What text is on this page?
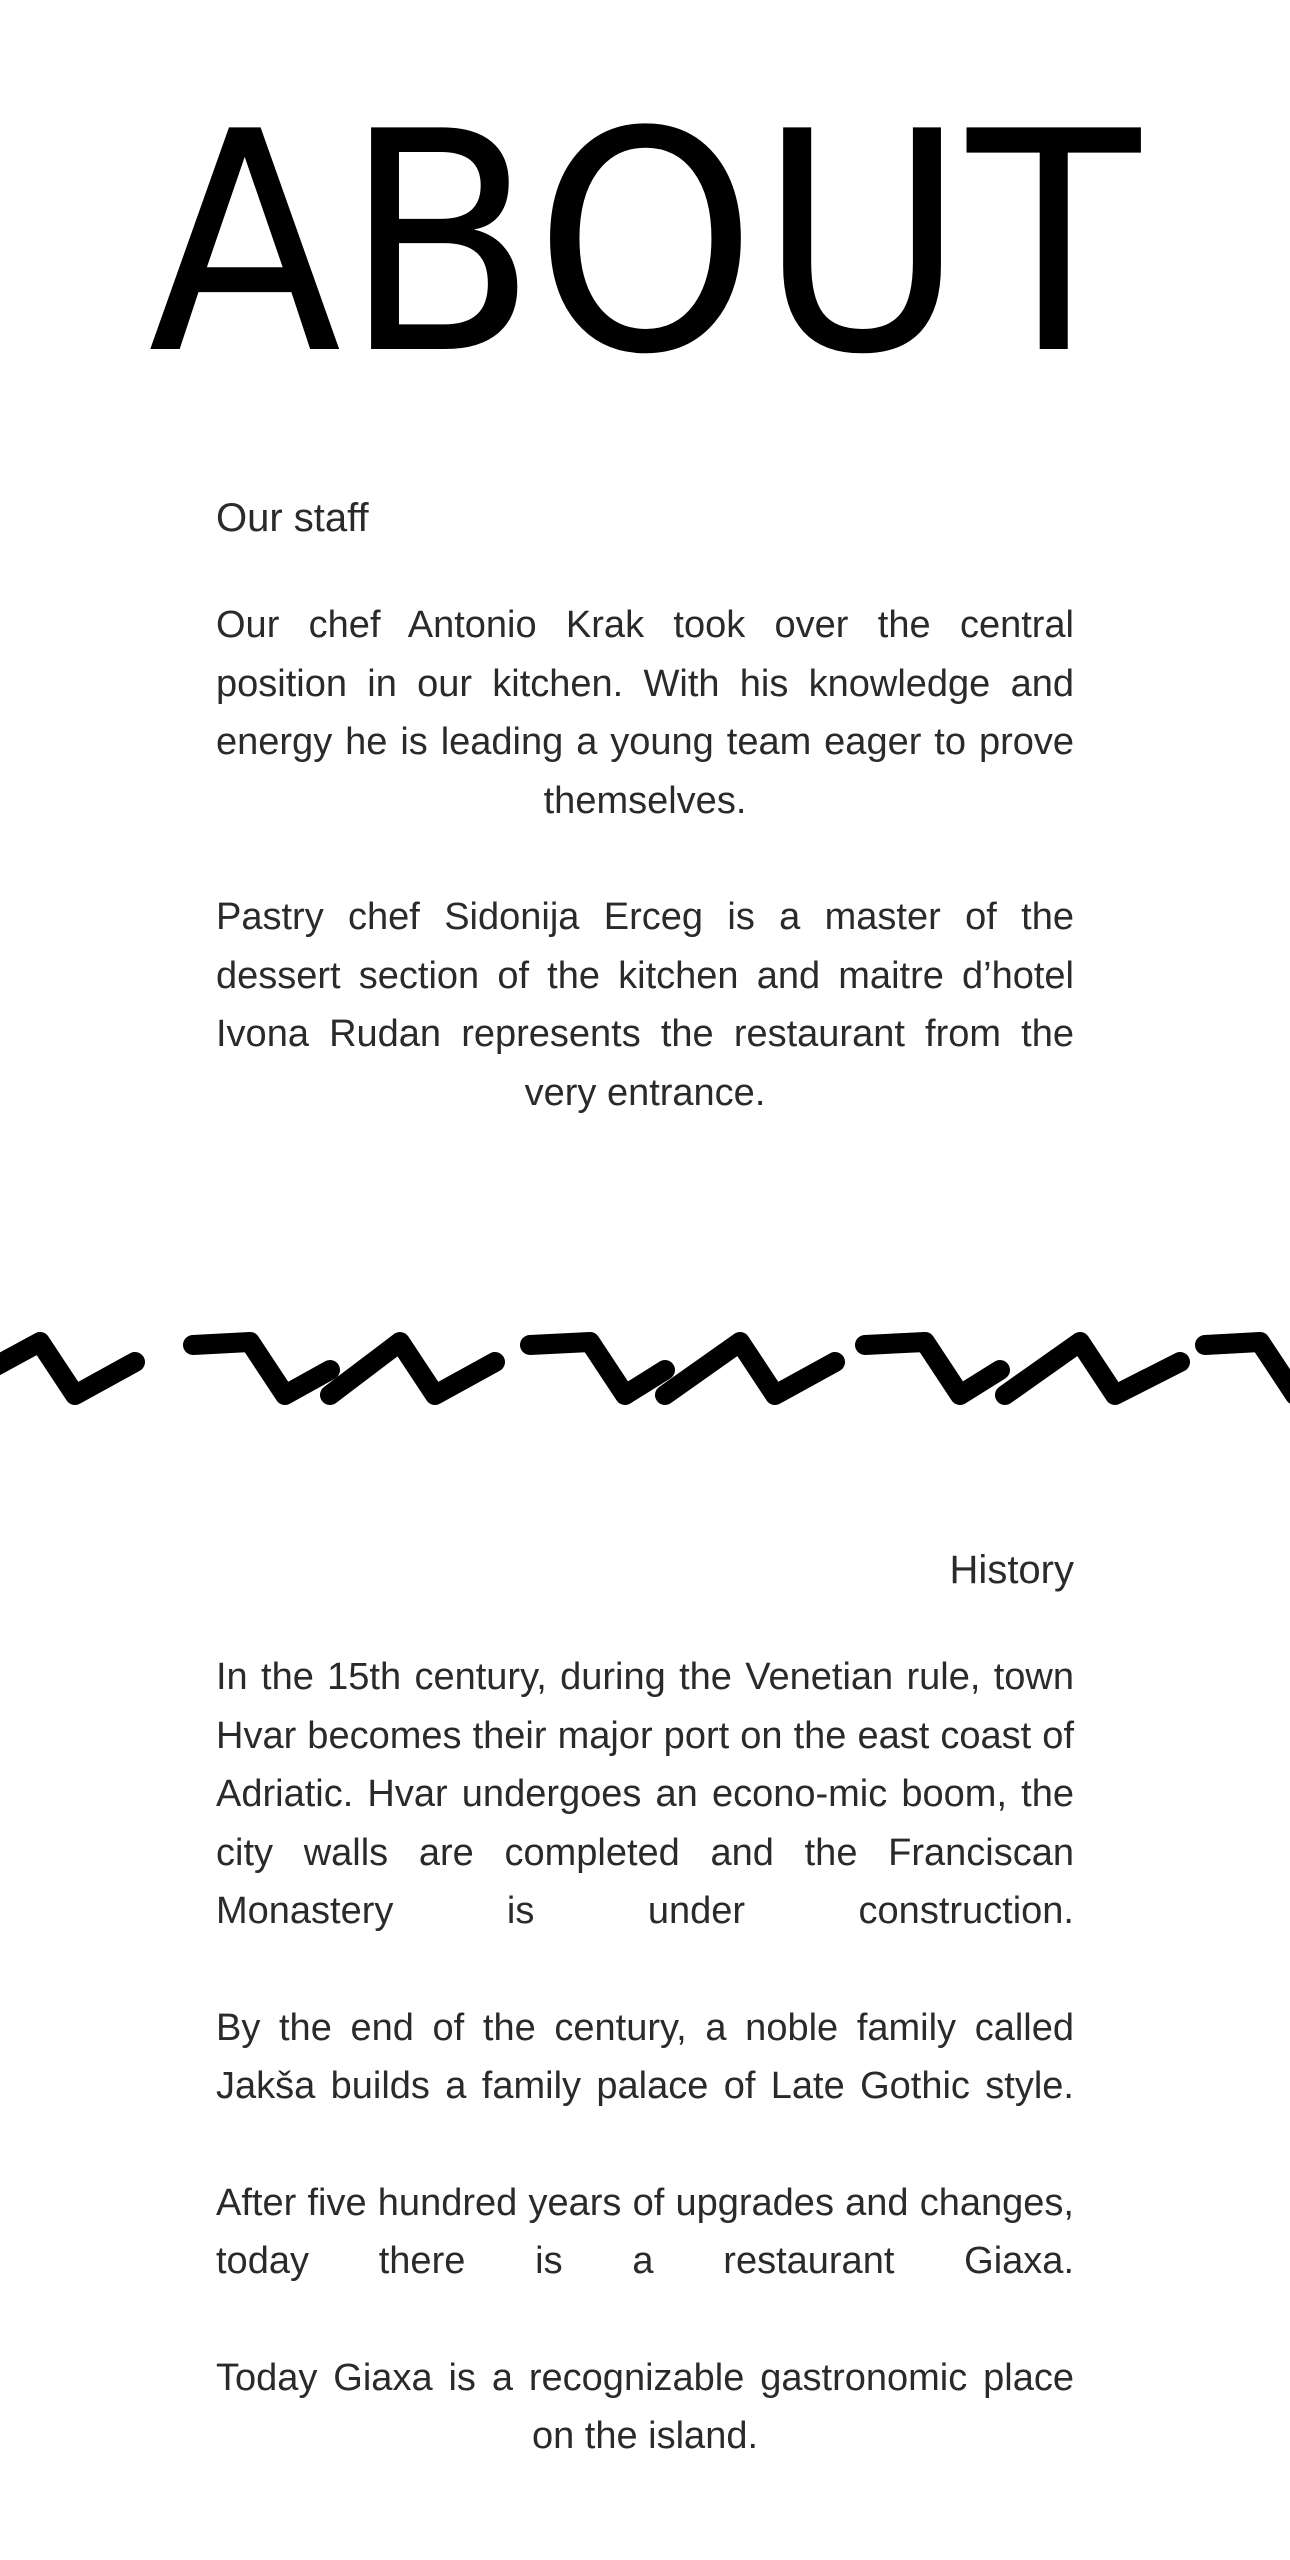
ABOUT
Our staff

Our chef Antonio Krak took over the central position in our kitchen. With his knowledge and energy he is leading a young team eager to prove themselves.

Pastry chef Sidonija Erceg is a master of the dessert section of the kitchen and maitre d’hotel Ivona Rudan represents the restaurant from the very entrance.

History

In the 15th century, during the Venetian rule, town Hvar becomes their major port on the east coast of Adriatic. Hvar undergoes an econo-mic boom, the city walls are completed and the Franciscan Monastery is under construction.

By the end of the century, a noble family called Jakša builds a family palace of Late Gothic style.

After five hundred years of upgrades and changes, today there is a restaurant Giaxa.

Today Giaxa is a recognizable gastronomic place on the island.
